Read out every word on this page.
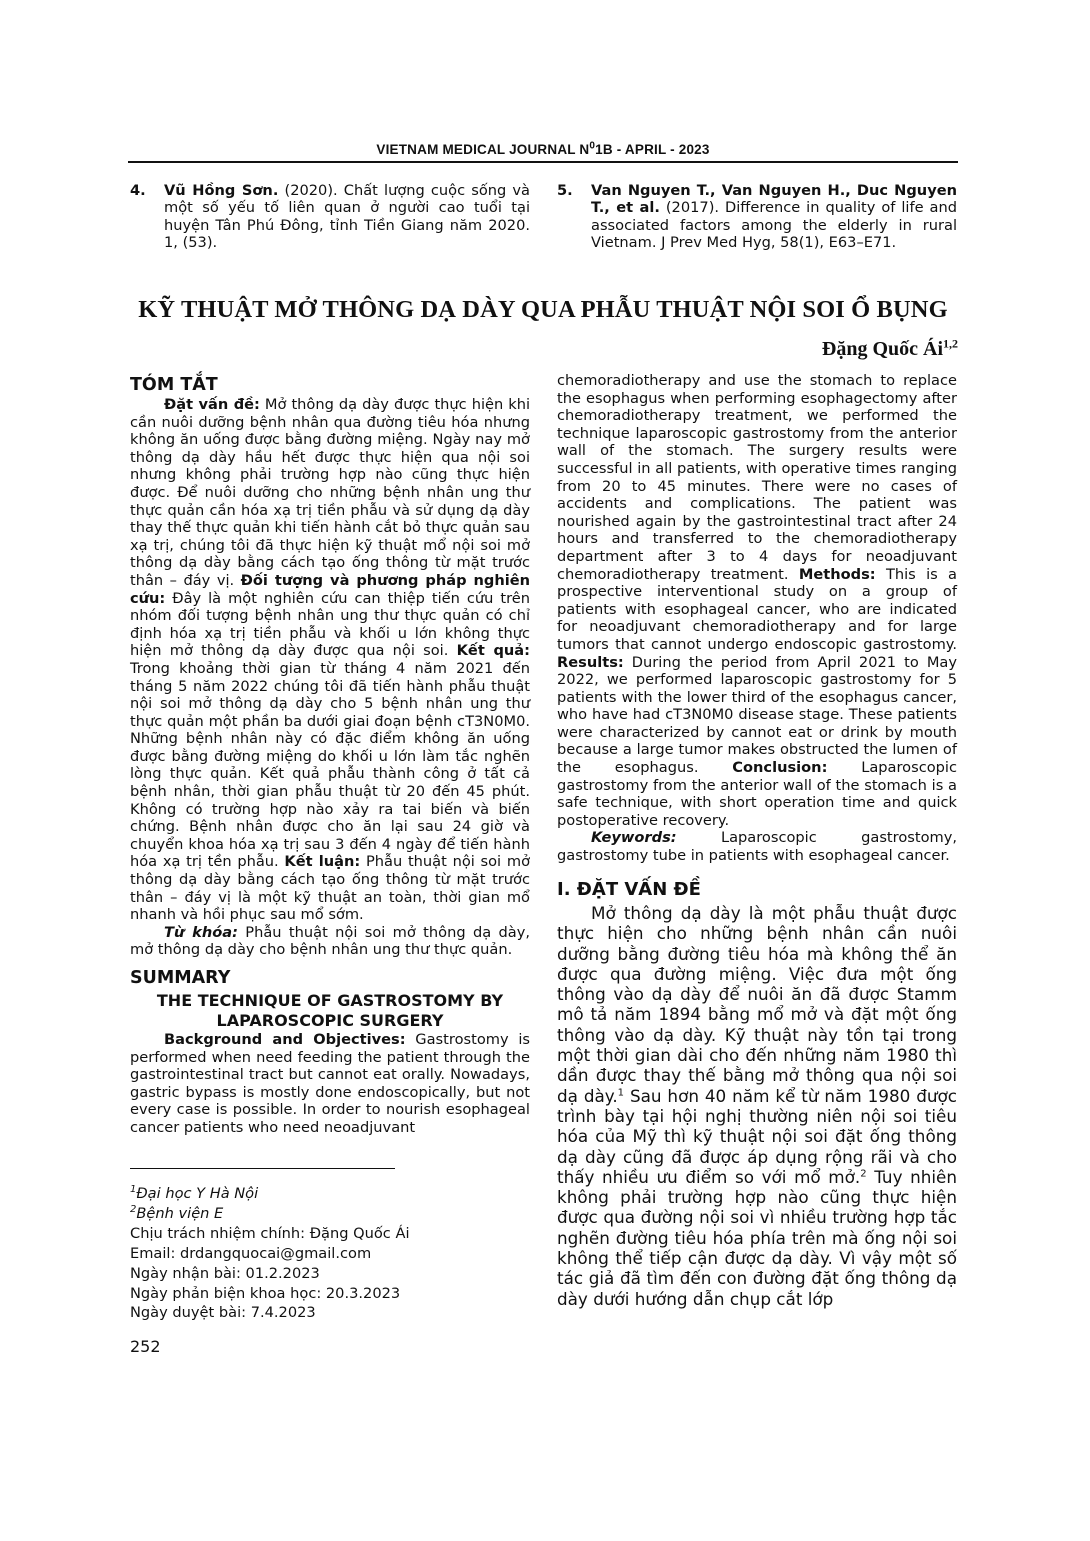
VIETNAM MEDICAL JOURNAL $N^01B$ - APRIL - 2023
4. Vũ Hồng Sơn. (2020). Chất lượng cuộc sống và một số yếu tố liên quan ở người cao tuổi tại huyện Tân Phú Đông, tỉnh Tiền Giang năm 2020. 1, (53).
5. Van Nguyen T., Van Nguyen H., Duc Nguyen T., et al. (2017). Difference in quality of life and associated factors among the elderly in rural Vietnam. J Prev Med Hyg, 58(1), E63–E71.
KỸ THUẬT MỞ THÔNG DẠ DÀY QUA PHẪU THUẬT NỘI SOI Ổ BỤNG
Đặng Quốc Ái$^{1,2}$
TÓM TẮT

Đặt vấn đề: Mở thông dạ dày được thực hiện khi cần nuôi dưỡng bệnh nhân qua đường tiêu hóa nhưng không ăn uống được bằng đường miệng. Ngày nay mở thông dạ dày hầu hết được thực hiện qua nội soi nhưng không phải trường hợp nào cũng thực hiện được. Để nuôi dưỡng cho những bệnh nhân ung thư thực quản cần hóa xạ trị tiền phẫu và sử dụng dạ dày thay thế thực quản khi tiến hành cắt bỏ thực quản sau xạ trị, chúng tôi đã thực hiện kỹ thuật mổ nội soi mở thông dạ dày bằng cách tạo ống thông từ mặt trước thân – đáy vị. Đối tượng và phương pháp nghiên cứu: Đây là một nghiên cứu can thiệp tiến cứu trên nhóm đối tượng bệnh nhân ung thư thực quản có chỉ định hóa xạ trị tiền phẫu và khối u lớn không thực hiện mở thông dạ dày được qua nội soi. Kết quả: Trong khoảng thời gian từ tháng 4 năm 2021 đến tháng 5 năm 2022 chúng tôi đã tiến hành phẫu thuật nội soi mở thông dạ dày cho 5 bệnh nhân ung thư thực quản một phần ba dưới giai đoạn bệnh cT3N0M0. Những bệnh nhân này có đặc điểm không ăn uống được bằng đường miệng do khối u lớn làm tắc nghẽn lòng thực quản. Kết quả phẫu thành công ở tất cả bệnh nhân, thời gian phẫu thuật từ 20 đến 45 phút. Không có trường hợp nào xảy ra tai biến và biến chứng. Bệnh nhân được cho ăn lại sau 24 giờ và chuyển khoa hóa xạ trị sau 3 đến 4 ngày để tiến hành hóa xạ trị tền phẫu. Kết luận: Phẫu thuật nội soi mở thông dạ dày bằng cách tạo ống thông từ mặt trước thân – đáy vị là một kỹ thuật an toàn, thời gian mổ nhanh và hồi phục sau mổ sớm.

Từ khóa: Phẫu thuật nội soi mở thông dạ dày, mở thông dạ dày cho bệnh nhân ung thư thực quản.

SUMMARY
THE TECHNIQUE OF GASTROSTOMY BY
LAPAROSCOPIC SURGERY

Background and Objectives: Gastrostomy is performed when need feeding the patient through the gastrointestinal tract but cannot eat orally. Nowadays, gastric bypass is mostly done endoscopically, but not every case is possible. In order to nourish esophageal cancer patients who need neoadjuvant

$^1$Đại học Y Hà Nội
$^2$Bệnh viện E
Chịu trách nhiệm chính: Đặng Quốc Ái
Email: drdangquocai@gmail.com
Ngày nhận bài: 01.2.2023
Ngày phản biện khoa học: 20.3.2023
Ngày duyệt bài: 7.4.2023
252

chemoradiotherapy and use the stomach to replace the esophagus when performing esophagectomy after chemoradiotherapy treatment, we performed the technique laparoscopic gastrostomy from the anterior wall of the stomach. The surgery results were successful in all patients, with operative times ranging from 20 to 45 minutes. There were no cases of accidents and complications. The patient was nourished again by the gastrointestinal tract after 24 hours and transferred to the chemoradiotherapy department after 3 to 4 days for neoadjuvant chemoradiotherapy treatment. Methods: This is a prospective interventional study on a group of patients with esophageal cancer, who are indicated for neoadjuvant chemoradiotherapy and for large tumors that cannot undergo endoscopic gastrostomy. Results: During the period from April 2021 to May 2022, we performed laparoscopic gastrostomy for 5 patients with the lower third of the esophagus cancer, who have had cT3N0M0 disease stage. These patients were characterized by cannot eat or drink by mouth because a large tumor makes obstructed the lumen of the esophagus. Conclusion: Laparoscopic gastrostomy from the anterior wall of the stomach is a safe technique, with short operation time and quick postoperative recovery.

Keywords: Laparoscopic gastrostomy, gastrostomy tube in patients with esophageal cancer.

I. ĐẶT VẤN ĐỀ

Mở thông dạ dày là một phẫu thuật được thực hiện cho những bệnh nhân cần nuôi dưỡng bằng đường tiêu hóa mà không thể ăn được qua đường miệng. Việc đưa một ống thông vào dạ dày để nuôi ăn đã được Stamm mô tả năm 1894 bằng mổ mở và đặt một ống thông vào dạ dày. Kỹ thuật này tồn tại trong một thời gian dài cho đến những năm 1980 thì dần được thay thế bằng mở thông qua nội soi dạ dày.$^1$ Sau hơn 40 năm kể từ năm 1980 được trình bày tại hội nghị thường niên nội soi tiêu hóa của Mỹ thì kỹ thuật nội soi đặt ống thông dạ dày cũng đã được áp dụng rộng rãi và cho thấy nhiều ưu điểm so với mổ mở.$^2$ Tuy nhiên không phải trường hợp nào cũng thực hiện được qua đường nội soi vì nhiều trường hợp tắc nghẽn đường tiêu hóa phía trên mà ống nội soi không thể tiếp cận được dạ dày. Vì vậy một số tác giả đã tìm đến con đường đặt ống thông dạ dày dưới hướng dẫn chụp cắt lớp
